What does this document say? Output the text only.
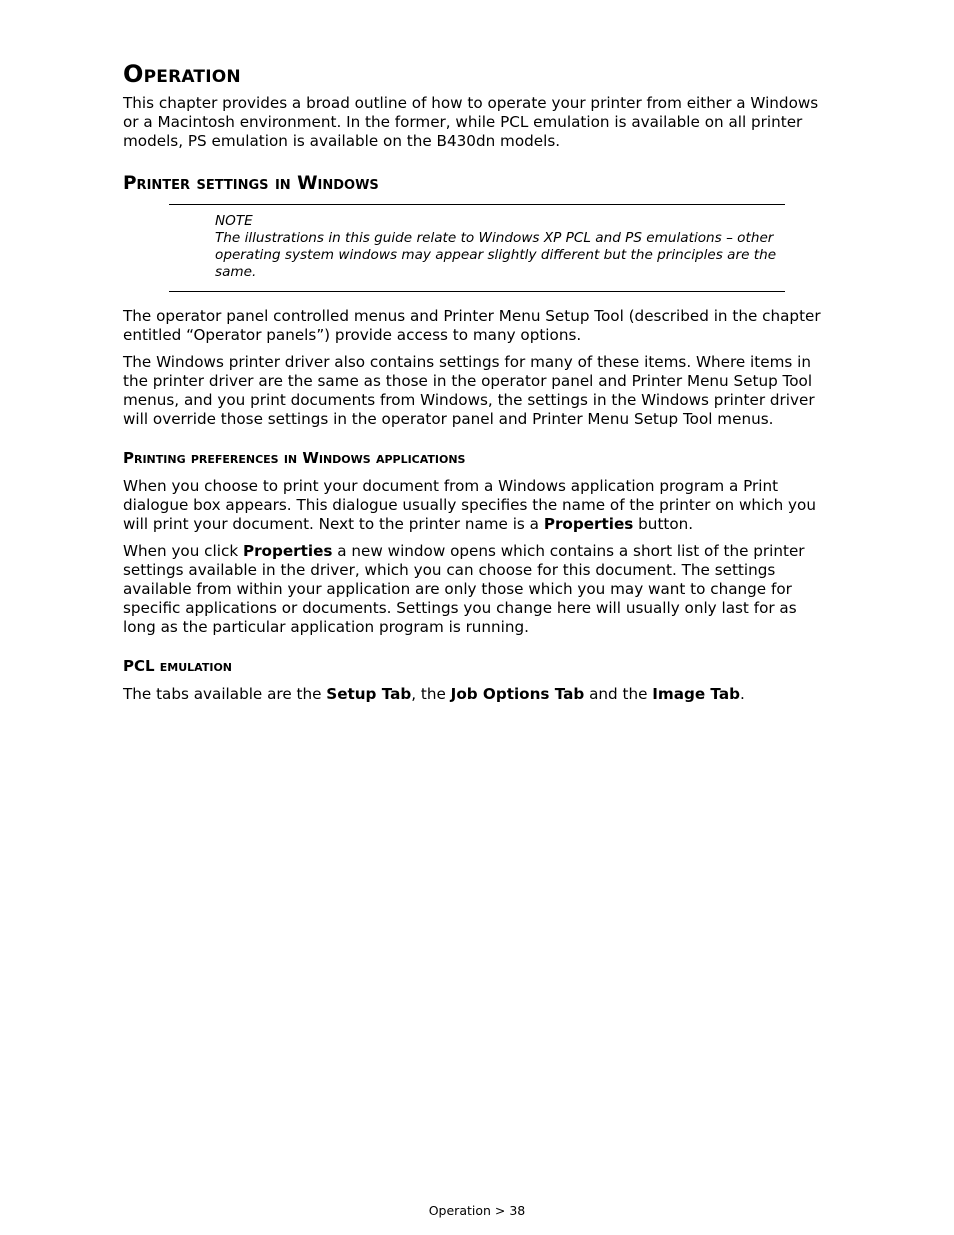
Operation

This chapter provides a broad outline of how to operate your printer from either a Windows or a Macintosh environment. In the former, while PCL emulation is available on all printer models, PS emulation is available on the B430dn models.

Printer settings in Windows
NOTE
The illustrations in this guide relate to Windows XP PCL and PS emulations – other operating system windows may appear slightly different but the principles are the same.

The operator panel controlled menus and Printer Menu Setup Tool (described in the chapter entitled “Operator panels”) provide access to many options.

The Windows printer driver also contains settings for many of these items. Where items in the printer driver are the same as those in the operator panel and Printer Menu Setup Tool menus, and you print documents from Windows, the settings in the Windows printer driver will override those settings in the operator panel and Printer Menu Setup Tool menus.

Printing preferences in Windows applications

When you choose to print your document from a Windows application program a Print dialogue box appears. This dialogue usually specifies the name of the printer on which you will print your document. Next to the printer name is a Properties button.

When you click Properties a new window opens which contains a short list of the printer settings available in the driver, which you can choose for this document. The settings available from within your application are only those which you may want to change for specific applications or documents. Settings you change here will usually only last for as long as the particular application program is running.

PCL emulation

The tabs available are the Setup Tab, the Job Options Tab and the Image Tab.

Operation > 38
